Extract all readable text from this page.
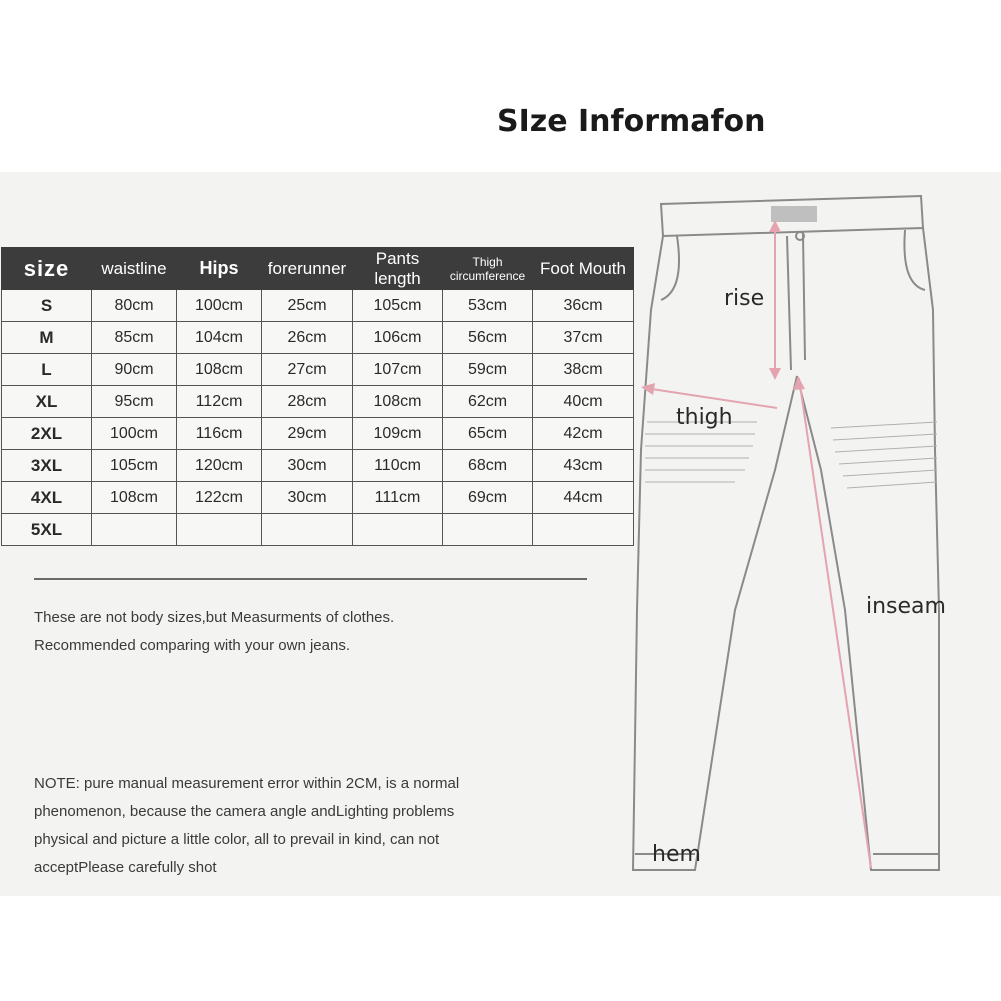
SIze Informafon
size	waistline	Hips	forerunner	Pants length	Thigh circumference	Foot Mouth
S	80cm	100cm	25cm	105cm	53cm	36cm
M	85cm	104cm	26cm	106cm	56cm	37cm
L	90cm	108cm	27cm	107cm	59cm	38cm
XL	95cm	112cm	28cm	108cm	62cm	40cm
2XL	100cm	116cm	29cm	109cm	65cm	42cm
3XL	105cm	120cm	30cm	110cm	68cm	43cm
4XL	108cm	122cm	30cm	111cm	69cm	44cm
5XL						
These are not body sizes,but Measurments of clothes.
Recommended comparing with your own jeans.
NOTE: pure manual measurement error within 2CM, is a normal
phenomenon, because the camera angle andLighting problems
physical and picture a little color, all to prevail in kind, can not
acceptPlease carefully shot
rise
thigh
inseam
hem
